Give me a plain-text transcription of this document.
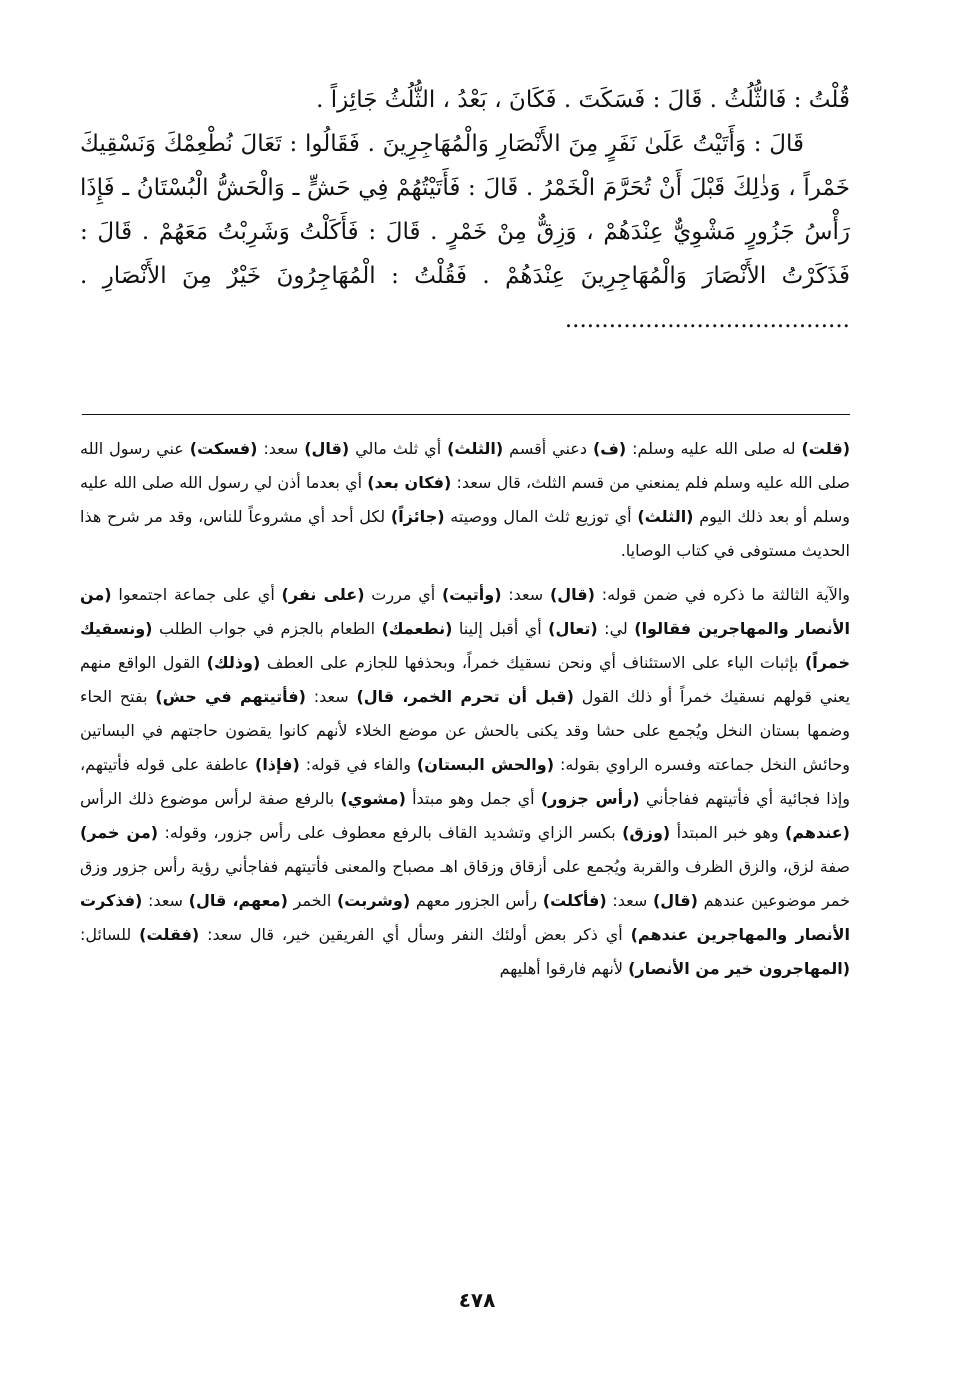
قُلْتُ : فَالثُّلُثُ . قَالَ : فَسَكَتَ . فَكَانَ ، بَعْدُ ، الثُّلُثُ جَائِزاً .

  قَالَ : وَأَتَيْتُ عَلَىٰ نَفَرٍ مِنَ الأَنْصَارِ وَالْمُهَاجِرِينَ . فَقَالُوا : تَعَالَ نُطْعِمْكَ وَنَسْقِيكَ خَمْراً ، وَذٰلِكَ قَبْلَ أَنْ تُحَرَّمَ الْخَمْرُ . قَالَ : فَأَتَيْتُهُمْ فِي حَشٍّ ـ وَالْحَشُّ الْبُسْتَانُ ـ فَإِذَا رَأْسُ جَزُورٍ مَشْوِيٌّ عِنْدَهُمْ ، وَزِقٌّ مِنْ خَمْرٍ . قَالَ : فَأَكَلْتُ وَشَرِبْتُ مَعَهُمْ . قَالَ : فَذَكَرْتُ الأَنْصَارَ وَالْمُهَاجِرِينَ عِنْدَهُمْ . فَقُلْتُ : الْمُهَاجِرُونَ خَيْرٌ مِنَ الأَنْصَارِ . .......................................

(قلت) له صلى الله عليه وسلم: (ف) دعني أقسم (الثلث) أي ثلث مالي (قال) سعد: (فسكت) عني رسول الله صلى الله عليه وسلم فلم يمنعني من قسم الثلث، قال سعد: (فكان بعد) أي بعدما أذن لي رسول الله صلى الله عليه وسلم أو بعد ذلك اليوم (الثلث) أي توزيع ثلث المال ووصيته (جائزاً) لكل أحد أي مشروعاً للناس، وقد مر شرح هذا الحديث مستوفى في كتاب الوصايا.

والآية الثالثة ما ذكره في ضمن قوله: (قال) سعد: (وأتيت) أي مررت (على نفر) أي على جماعة اجتمعوا (من الأنصار والمهاجرين فقالوا) لي: (تعال) أي أقبل إلينا (نطعمك) الطعام بالجزم في جواب الطلب (ونسقيك خمراً) بإثبات الياء على الاستئناف أي ونحن نسقيك خمراً، وبحذفها للجازم على العطف (وذلك) القول الواقع منهم يعني قولهم نسقيك خمراً أو ذلك القول (قبل أن تحرم الخمر، قال) سعد: (فأتيتهم في حش) بفتح الحاء وضمها بستان النخل ويُجمع على حشا وقد يكنى بالحش عن موضع الخلاء لأنهم كانوا يقضون حاجتهم في البساتين وحائش النخل جماعته وفسره الراوي بقوله: (والحش البستان) والفاء في قوله: (فإذا) عاطفة على قوله فأتيتهم، وإذا فجائية أي فأتيتهم ففاجأني (رأس جزور) أي جمل وهو مبتدأ (مشوي) بالرفع صفة لرأس موضوع ذلك الرأس (عندهم) وهو خبر المبتدأ (وزق) بكسر الزاي وتشديد القاف بالرفع معطوف على رأس جزور، وقوله: (من خمر) صفة لزق، والزق الظرف والقربة ويُجمع على أزقاق وزقاق اهـ مصباح والمعنى فأتيتهم ففاجأني رؤية رأس جزور وزق خمر موضوعين عندهم (قال) سعد: (فأكلت) رأس الجزور معهم (وشربت) الخمر (معهم، قال) سعد: (فذكرت الأنصار والمهاجرين عندهم) أي ذكر بعض أولئك النفر وسأل أي الفريقين خير، قال سعد: (فقلت) للسائل: (المهاجرون خير من الأنصار) لأنهم فارقوا أهليهم

٤٧٨
